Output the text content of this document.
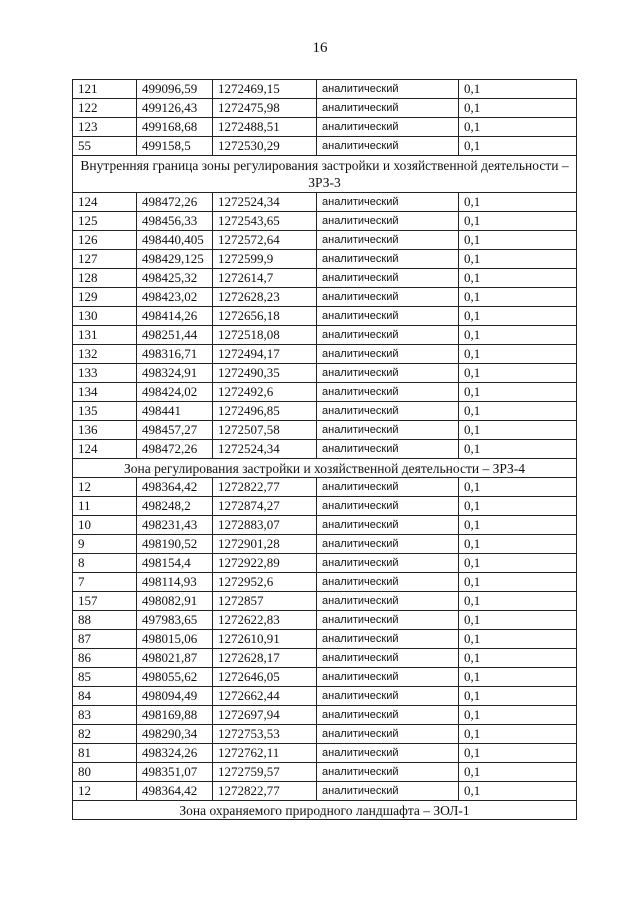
16
121	499096,59	1272469,15	аналитический	0,1
122	499126,43	1272475,98	аналитический	0,1
123	499168,68	1272488,51	аналитический	0,1
55	499158,5	1272530,29	аналитический	0,1
Внутренняя граница зоны регулирования застройки и хозяйственной деятельности – ЗРЗ-3				
124	498472,26	1272524,34	аналитический	0,1
125	498456,33	1272543,65	аналитический	0,1
126	498440,405	1272572,64	аналитический	0,1
127	498429,125	1272599,9	аналитический	0,1
128	498425,32	1272614,7	аналитический	0,1
129	498423,02	1272628,23	аналитический	0,1
130	498414,26	1272656,18	аналитический	0,1
131	498251,44	1272518,08	аналитический	0,1
132	498316,71	1272494,17	аналитический	0,1
133	498324,91	1272490,35	аналитический	0,1
134	498424,02	1272492,6	аналитический	0,1
135	498441	1272496,85	аналитический	0,1
136	498457,27	1272507,58	аналитический	0,1
124	498472,26	1272524,34	аналитический	0,1
Зона регулирования застройки и хозяйственной деятельности – ЗРЗ-4				
12	498364,42	1272822,77	аналитический	0,1
11	498248,2	1272874,27	аналитический	0,1
10	498231,43	1272883,07	аналитический	0,1
9	498190,52	1272901,28	аналитический	0,1
8	498154,4	1272922,89	аналитический	0,1
7	498114,93	1272952,6	аналитический	0,1
157	498082,91	1272857	аналитический	0,1
88	497983,65	1272622,83	аналитический	0,1
87	498015,06	1272610,91	аналитический	0,1
86	498021,87	1272628,17	аналитический	0,1
85	498055,62	1272646,05	аналитический	0,1
84	498094,49	1272662,44	аналитический	0,1
83	498169,88	1272697,94	аналитический	0,1
82	498290,34	1272753,53	аналитический	0,1
81	498324,26	1272762,11	аналитический	0,1
80	498351,07	1272759,57	аналитический	0,1
12	498364,42	1272822,77	аналитический	0,1
Зона охраняемого природного ландшафта – ЗОЛ-1				
